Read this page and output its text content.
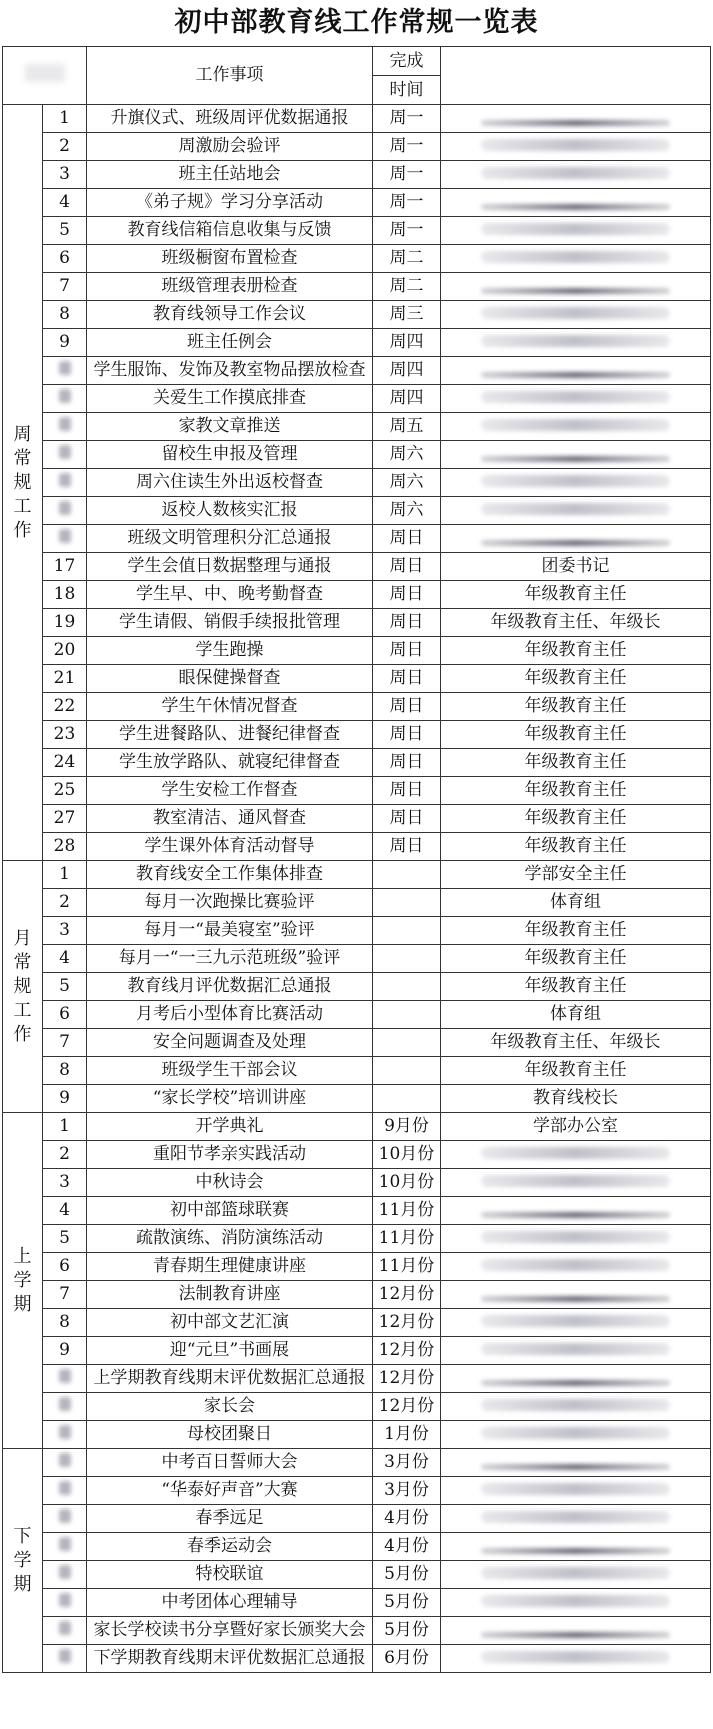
初中部教育线工作常规一览表
		工作事项	完成	
			时间	
周常规工作	1	升旗仪式、班级周评优数据通报	周一	
	2	周激励会验评	周一	
	3	班主任站地会	周一	
	4	《弟子规》学习分享活动	周一	
	5	教育线信箱信息收集与反馈	周一	
	6	班级橱窗布置检查	周二	
	7	班级管理表册检查	周二	
	8	教育线领导工作会议	周三	
	9	班主任例会	周四	
		学生服饰、发饰及教室物品摆放检查	周四	
		关爱生工作摸底排查	周四	
		家教文章推送	周五	
		留校生申报及管理	周六	
		周六住读生外出返校督查	周六	
		返校人数核实汇报	周六	
		班级文明管理积分汇总通报	周日	
	17	学生会值日数据整理与通报	周日	团委书记
	18	学生早、中、晚考勤督查	周日	年级教育主任
	19	学生请假、销假手续报批管理	周日	年级教育主任、年级长
	20	学生跑操	周日	年级教育主任
	21	眼保健操督查	周日	年级教育主任
	22	学生午休情况督查	周日	年级教育主任
	23	学生进餐路队、进餐纪律督查	周日	年级教育主任
	24	学生放学路队、就寝纪律督查	周日	年级教育主任
	25	学生安检工作督查	周日	年级教育主任
	27	教室清洁、通风督查	周日	年级教育主任
	28	学生课外体育活动督导	周日	年级教育主任
月常规工作	1	教育线安全工作集体排查		学部安全主任
	2	每月一次跑操比赛验评		体育组
	3	每月一“最美寝室”验评		年级教育主任
	4	每月一“一三九示范班级”验评		年级教育主任
	5	教育线月评优数据汇总通报		年级教育主任
	6	月考后小型体育比赛活动		体育组
	7	安全问题调查及处理		年级教育主任、年级长
	8	班级学生干部会议		年级教育主任
	9	“家长学校”培训讲座		教育线校长
上学期	1	开学典礼	9月份	学部办公室
	2	重阳节孝亲实践活动	10月份	
	3	中秋诗会	10月份	
	4	初中部篮球联赛	11月份	
	5	疏散演练、消防演练活动	11月份	
	6	青春期生理健康讲座	11月份	
	7	法制教育讲座	12月份	
	8	初中部文艺汇演	12月份	
	9	迎“元旦”书画展	12月份	
		上学期教育线期末评优数据汇总通报	12月份	
		家长会	12月份	
		母校团聚日	1月份	
下学期		中考百日誓师大会	3月份	
		“华泰好声音”大赛	3月份	
		春季远足	4月份	
		春季运动会	4月份	
		特校联谊	5月份	
		中考团体心理辅导	5月份	
		家长学校读书分享暨好家长颁奖大会	5月份	
		下学期教育线期末评优数据汇总通报	6月份	
